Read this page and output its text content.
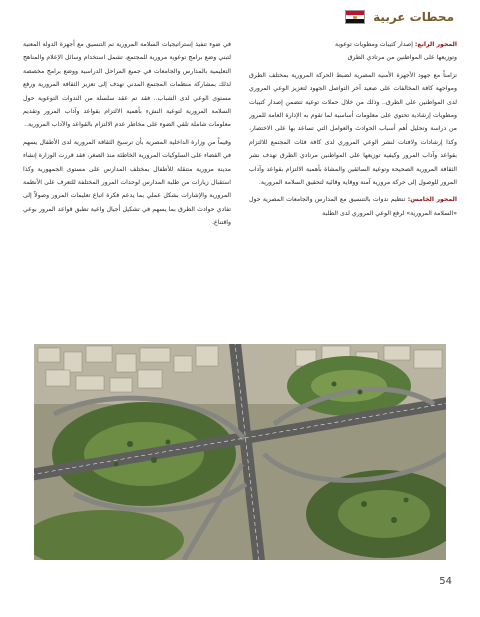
محطات عربية

المحور الرابع: إصدار كتيبات ومطويات توعوية
وتوزيعها على المواطنين من مرتادي الطرق

تزامناً مع جهود الأجهزة الأمنية المصرية لضبط الحركة المرورية بمختلف الطرق ومواجهة كافة المخالفات على صعيد آخر التواصل الجهود لتعزيز الوعي المروري لدى المواطنين على الطرق.. وذلك من خلال حملات توعية تتضمن إصدار كتيبات ومطويات إرشادية تحتوي على معلومات أساسية لما تقوم به الإدارة العامة للمرور من دراسة وتحليل أهم أسباب الحوادث والعوامل التي تساعد بها على الاختصار، وكذا إرشادات ولافتات لنشر الوعي المروري لدى كافة فئات المجتمع للالتزام بقواعد وآداب المرور وكيفية توزيعها على المواطنين مرتادي الطرق تهدف نشر الثقافة المرورية الصحيحة وتوعية السائقين والمشاة بأهمية الالتزام بقواعد وآداب المرور للوصول إلى حركة مرورية آمنة ووقاية وقائية لتحقيق السلامة المرورية.

المحور الخامس: تنظيم ندوات بالتنسيق مع المدارس والجامعات المصرية حول «السلامة المرورية» لرفع الوعي المروري لدى الطلبة

في ضوء تنفيذ إستراتيجيات السلامة المرورية تم التنسيق مع أجهزة الدولة المعنية لتبني وضع برامج توعوية مرورية للمجتمع، تشمل استخدام وسائل الإعلام والمناهج التعليمية بالمدارس والجامعات في جميع المراحل الدراسية ووضع برامج مخصصة لذلك بمشاركة منظمات المجتمع المدني تهدف إلى تعزيز الثقافة المرورية ورفع مستوى الوعي لدى الشباب.. فقد تم عقد سلسلة من الندوات التوعوية حول السلامة المرورية لتوعية النشء بأهمية الالتزام بقواعد وآداب المرور وتقديم معلومات شاملة تلقي الضوء على مخاطر عدم الالتزام بالقواعد والآداب المرورية..

وقيماً من وزارة الداخلية المصرية بأن ترسيخ الثقافة المرورية لدى الأطفال يسهم في القضاء على السلوكيات المرورية الخاطئة منذ الصغر، فقد قررت الوزارة إنشاء مدينة مرورية متنقلة للأطفال بمختلف المدارس على مستوى الجمهورية وكذا استقبال زيارات من طلبة المدارس لوحدات المرور المختلفة للتعرف على الأنظمة المرورية والإشارات بشكل عملي بما يدعم فكرة اتباع تعليمات المرور وصولاً إلى تفادي حوادث الطرق بما يسهم في تشكيل أجيال واعية تطبق قواعد المرور بوعي واقتناع.

54
